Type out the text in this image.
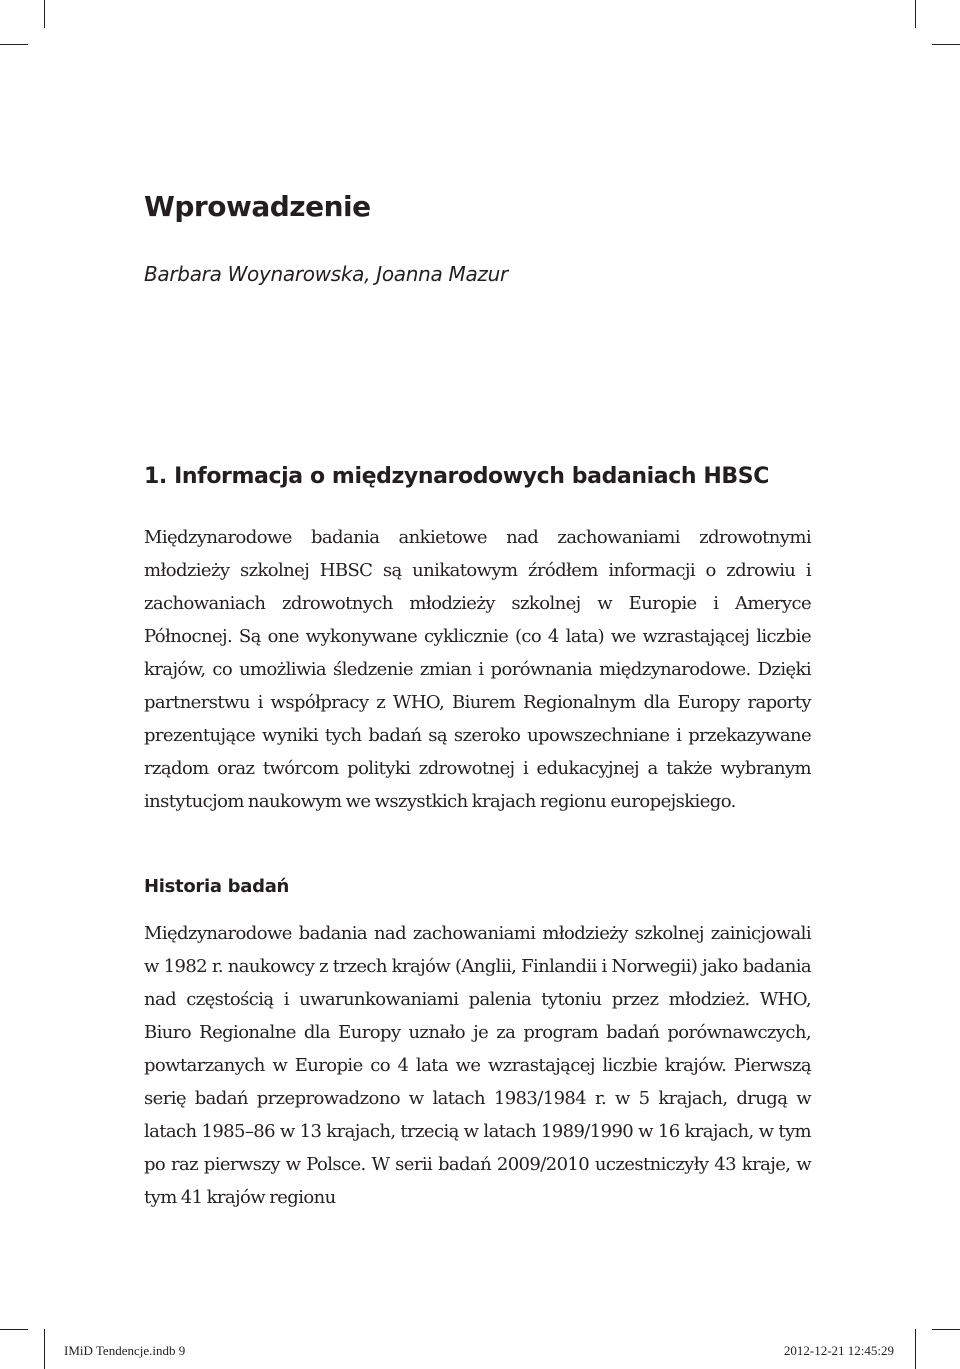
Wprowadzenie

Barbara Woynarowska, Joanna Mazur

1. Informacja o międzynarodowych badaniach HBSC

Międzynarodowe badania ankietowe nad zachowaniami zdrowotnymi młodzieży szkolnej HBSC są unikatowym źródłem informacji o zdrowiu i zachowaniach zdrowotnych młodzieży szkolnej w Europie i Ameryce Północnej. Są one wykonywane cyklicznie (co 4 lata) we wzrastającej liczbie krajów, co umożliwia śledzenie zmian i porównania międzynarodowe. Dzięki partnerstwu i współpracy z WHO, Biurem Regionalnym dla Europy raporty prezentujące wyniki tych badań są szeroko upowszechniane i przekazywane rządom oraz twórcom polityki zdrowotnej i edukacyjnej a także wybranym instytucjom naukowym we wszystkich krajach regionu europejskiego.

Historia badań

Międzynarodowe badania nad zachowaniami młodzieży szkolnej zainicjowali w 1982 r. naukowcy z trzech krajów (Anglii, Finlandii i Norwegii) jako badania nad częstością i uwarunkowaniami palenia tytoniu przez młodzież. WHO, Biuro Regionalne dla Europy uznało je za program badań porównawczych, powtarzanych w Europie co 4 lata we wzrastającej liczbie krajów. Pierwszą serię badań przeprowadzono w latach 1983/1984 r. w 5 krajach, drugą w latach 1985–86 w 13 krajach, trzecią w latach 1989/1990 w 16 krajach, w tym po raz pierwszy w Polsce. W serii badań 2009/2010 uczestniczyły 43 kraje, w tym 41 krajów regionu

IMiD Tendencje.indb 9	2012-12-21 12:45:29
